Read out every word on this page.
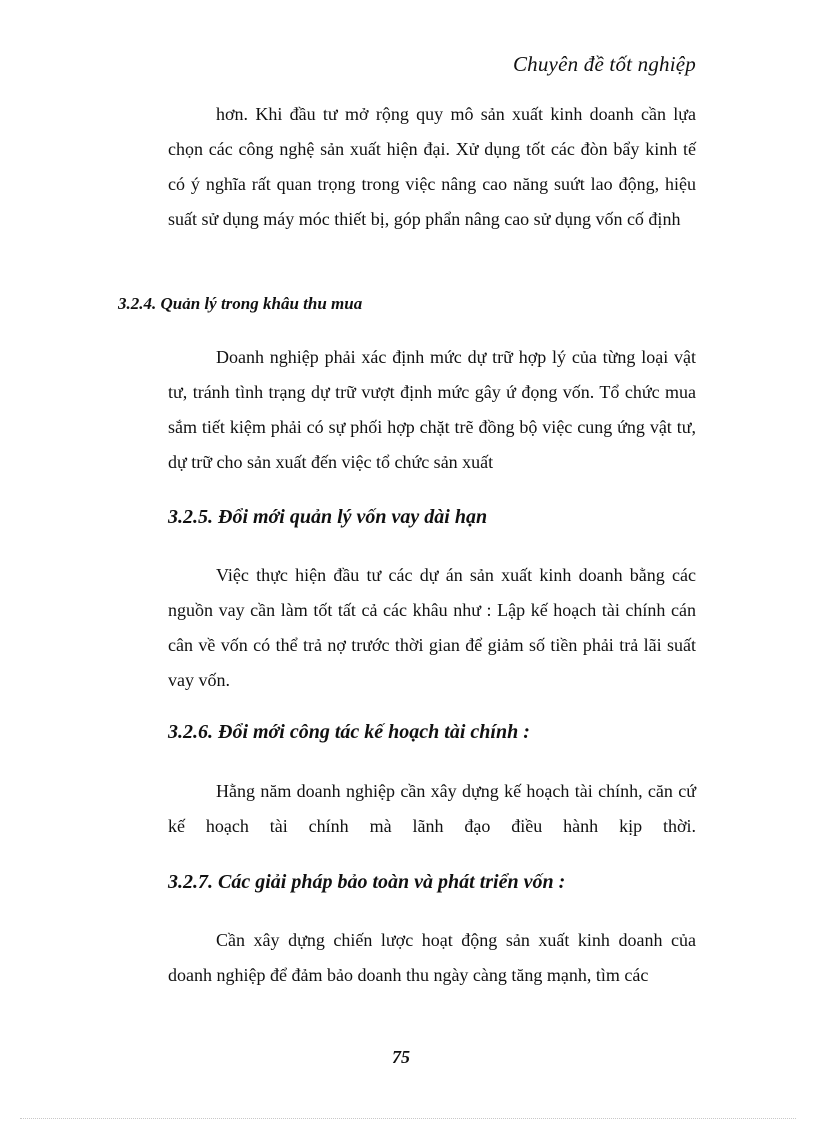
Chuyên đề tốt nghiệp

hơn. Khi đầu tư mở rộng quy mô sản xuất kinh doanh cần lựa chọn các công nghệ sản xuất hiện đại. Xử dụng tốt các đòn bẩy kinh tế có ý nghĩa rất quan trọng trong việc nâng cao năng suứt lao động, hiệu suất sử dụng máy móc thiết bị, góp phẩn nâng cao sử dụng vốn cố định

3.2.4. Quản lý trong khâu thu mua

Doanh nghiệp phải xác định mức dự trữ hợp lý của từng loại vật tư, tránh tình trạng dự trữ vượt định mức gây ứ đọng vốn. Tổ chức mua sắm tiết kiệm phải có sự phối hợp chặt trẽ đồng bộ việc cung ứng vật tư, dự trữ cho sản xuất đến việc tổ chức sản xuất

3.2.5. Đổi mới quản lý vốn vay dài hạn

Việc thực hiện đầu tư các dự án sản xuất kinh doanh bằng các nguồn vay cần làm tốt tất cả các khâu như : Lập kế hoạch tài chính cán cân về vốn có thể trả nợ trước thời gian để giảm số tiền phải trả lãi suất vay vốn.

3.2.6. Đổi mới công tác kế hoạch tài chính :

Hằng năm doanh nghiệp cần xây dựng kế hoạch tài chính, căn cứ kế hoạch tài chính mà lãnh đạo điều hành kịp thời.

3.2.7. Các giải pháp bảo toàn và phát triển vốn :

Cần xây dựng chiến lược hoạt động sản xuất kinh doanh của doanh nghiệp để đảm bảo doanh thu ngày càng tăng mạnh, tìm các

75
